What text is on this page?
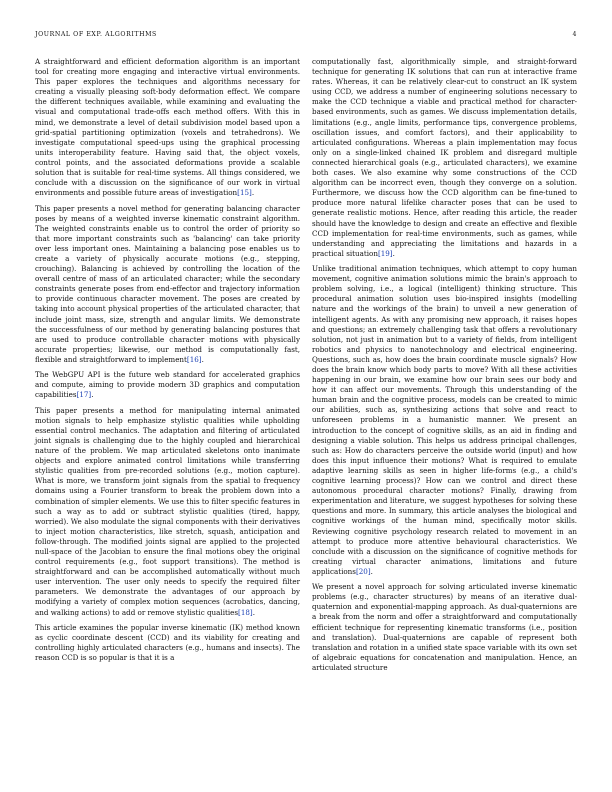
JOURNAL OF EXP. ALGORITHMS	4

A straightforward and efficient deformation algorithm is an important tool for creating more engaging and interactive virtual environments. This paper explores the techniques and algorithms necessary for creating a visually pleasing soft-body deformation effect. We compare the different techniques available, while examining and evaluating the visual and computational trade-offs each method offers. With this in mind, we demonstrate a level of detail subdivision model based upon a grid-spatial partitioning optimization (voxels and tetrahedrons). We investigate computational speed-ups using the graphical processing units interoperability feature. Having said that, the object voxels, control points, and the associated deformations provide a scalable solution that is suitable for real-time systems. All things considered, we conclude with a discussion on the significance of our work in virtual environments and possible future areas of investigation[15].

This paper presents a novel method for generating balancing character poses by means of a weighted inverse kinematic constraint algorithm. The weighted constraints enable us to control the order of priority so that more important constraints such as 'balancing' can take priority over less important ones. Maintaining a balancing pose enables us to create a variety of physically accurate motions (e.g., stepping, crouching). Balancing is achieved by controlling the location of the overall centre of mass of an articulated character; while the secondary constraints generate poses from end-effector and trajectory information to provide continuous character movement. The poses are created by taking into account physical properties of the articulated character, that include joint mass, size, strength and angular limits. We demonstrate the successfulness of our method by generating balancing postures that are used to produce controllable character motions with physically accurate properties; likewise, our method is computationally fast, flexible and straightforward to implement[16].

The WebGPU API is the future web standard for accelerated graphics and compute, aiming to provide modern 3D graphics and computation capabilities[17].

This paper presents a method for manipulating internal animated motion signals to help emphasize stylistic qualities while upholding essential control mechanics. The adaptation and filtering of articulated joint signals is challenging due to the highly coupled and hierarchical nature of the problem. We map articulated skeletons onto inanimate objects and explore animated control limitations while transferring stylistic qualities from pre-recorded solutions (e.g., motion capture). What is more, we transform joint signals from the spatial to frequency domains using a Fourier transform to break the problem down into a combination of simpler elements. We use this to filter specific features in such a way as to add or subtract stylistic qualities (tired, happy, worried). We also modulate the signal components with their derivatives to inject motion characteristics, like stretch, squash, anticipation and follow-through. The modified joints signal are applied to the projected null-space of the Jacobian to ensure the final motions obey the original control requirements (e.g., foot support transitions). The method is straightforward and can be accomplished automatically without much user intervention. The user only needs to specify the required filter parameters. We demonstrate the advantages of our approach by modifying a variety of complex motion sequences (acrobatics, dancing, and walking actions) to add or remove stylistic qualities[18].

This article examines the popular inverse kinematic (IK) method known as cyclic coordinate descent (CCD) and its viability for creating and controlling highly articulated characters (e.g., humans and insects). The reason CCD is so popular is that it is a

computationally fast, algorithmically simple, and straight-forward technique for generating IK solutions that can run at interactive frame rates. Whereas, it can be relatively clear-cut to construct an IK system using CCD, we address a number of engineering solutions necessary to make the CCD technique a viable and practical method for character-based environments, such as games. We discuss implementation details, limitations (e.g., angle limits, performance tips, convergence problems, oscillation issues, and comfort factors), and their applicability to articulated configurations. Whereas a plain implementation may focus only on a single-linked chained IK problem and disregard multiple connected hierarchical goals (e.g., articulated characters), we examine both cases. We also examine why some constructions of the CCD algorithm can be incorrect even, though they converge on a solution. Furthermore, we discuss how the CCD algorithm can be fine-tuned to produce more natural lifelike character poses that can be used to generate realistic motions. Hence, after reading this article, the reader should have the knowledge to design and create an effective and flexible CCD implementation for real-time environments, such as games, while understanding and appreciating the limitations and hazards in a practical situation[19].

Unlike traditional animation techniques, which attempt to copy human movement, cognitive animation solutions mimic the brain's approach to problem solving, i.e., a logical (intelligent) thinking structure. This procedural animation solution uses bio-inspired insights (modelling nature and the workings of the brain) to unveil a new generation of intelligent agents. As with any promising new approach, it raises hopes and questions; an extremely challenging task that offers a revolutionary solution, not just in animation but to a variety of fields, from intelligent robotics and physics to nanotechnology and electrical engineering. Questions, such as, how does the brain coordinate muscle signals? How does the brain know which body parts to move? With all these activities happening in our brain, we examine how our brain sees our body and how it can affect our movements. Through this understanding of the human brain and the cognitive process, models can be created to mimic our abilities, such as, synthesizing actions that solve and react to unforeseen problems in a humanistic manner. We present an introduction to the concept of cognitive skills, as an aid in finding and designing a viable solution. This helps us address principal challenges, such as: How do characters perceive the outside world (input) and how does this input influence their motions? What is required to emulate adaptive learning skills as seen in higher life-forms (e.g., a child's cognitive learning process)? How can we control and direct these autonomous procedural character motions? Finally, drawing from experimentation and literature, we suggest hypotheses for solving these questions and more. In summary, this article analyses the biological and cognitive workings of the human mind, specifically motor skills. Reviewing cognitive psychology research related to movement in an attempt to produce more attentive behavioural characteristics. We conclude with a discussion on the significance of cognitive methods for creating virtual character animations, limitations and future applications[20].

We present a novel approach for solving articulated inverse kinematic problems (e.g., character structures) by means of an iterative dual-quaternion and exponential-mapping approach. As dual-quaternions are a break from the norm and offer a straightforward and computationally efficient technique for representing kinematic transforms (i.e., position and translation). Dual-quaternions are capable of represent both translation and rotation in a unified state space variable with its own set of algebraic equations for concatenation and manipulation. Hence, an articulated structure
